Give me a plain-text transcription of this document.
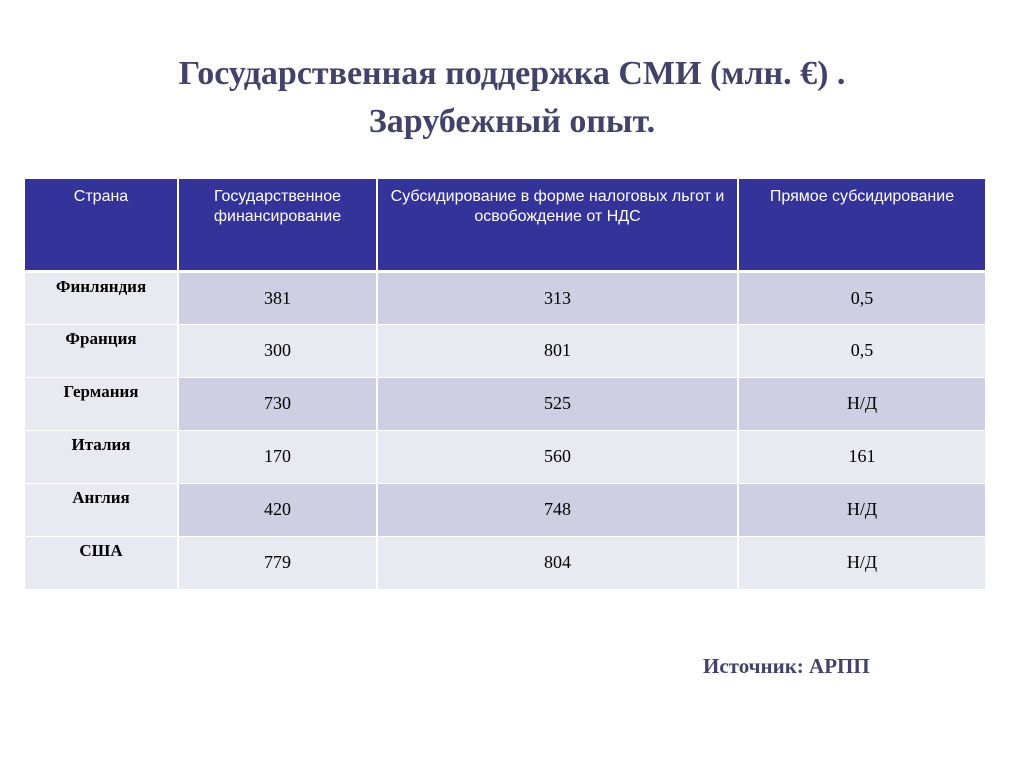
Государственная поддержка СМИ (млн. €) .
Зарубежный опыт.
Страна	Государственное финансирование	Субсидирование в форме налоговых льгот и освобождение от НДС	Прямое субсидирование
Финляндия	381	313	0,5
Франция	300	801	0,5
Германия	730	525	Н/Д
Италия	170	560	161
Англия	420	748	Н/Д
США	779	804	Н/Д
Источник: АРПП
